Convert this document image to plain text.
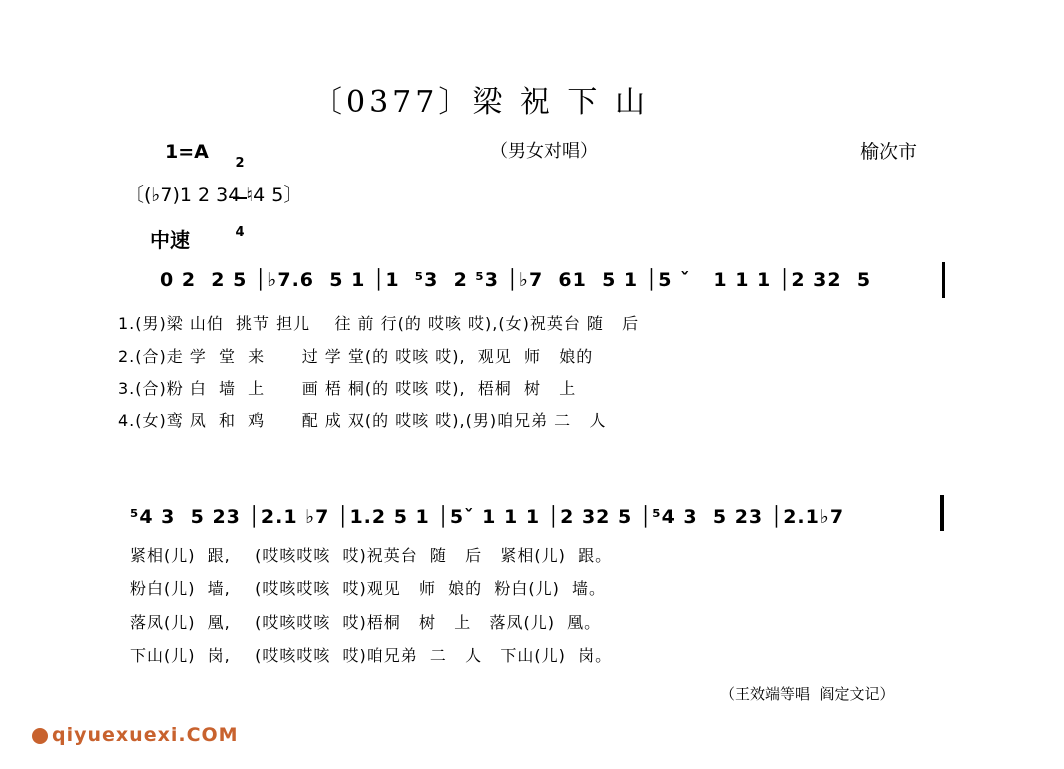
〔0377〕梁 祝 下 山
1=A

2

4

（男女对唱）	榆次市
〔(♭7)1 2 34 ♮4 5〕
中速
0 2  2 5 │♭7.6  5 1 │1  ⁵3  2 ⁵3 │♭7  61  5 1 │5 ˇ   1 1 1 │2 32  5
1.(男)梁 山伯  挑节 担儿    往 前 行(的 哎咳 哎),(女)祝英台 随   后
2.(合)走 学  堂  来      过 学 堂(的 哎咳 哎),  观见  师   娘的
3.(合)粉 白  墙  上      画 梧 桐(的 哎咳 哎),  梧桐  树   上
4.(女)鸾 凤  和  鸡      配 成 双(的 哎咳 哎),(男)咱兄弟 二   人
⁵4 3  5 23 │2.1 ♭7 │1.2 5 1 │5ˇ 1 1 1 │2 32 5 │⁵4 3  5 23 │2.1♭7
紧相(儿)  跟,    (哎咳哎咳  哎)祝英台  随   后   紧相(儿)  跟。
粉白(儿)  墙,    (哎咳哎咳  哎)观见   师  娘的  粉白(儿)  墙。
落凤(儿)  凰,    (哎咳哎咳  哎)梧桐   树   上   落凤(儿)  凰。
下山(儿)  岗,    (哎咳哎咳  哎)咱兄弟  二   人   下山(儿)  岗。
（王效端等唱  阎定文记）
qiyuexuexi.COM
